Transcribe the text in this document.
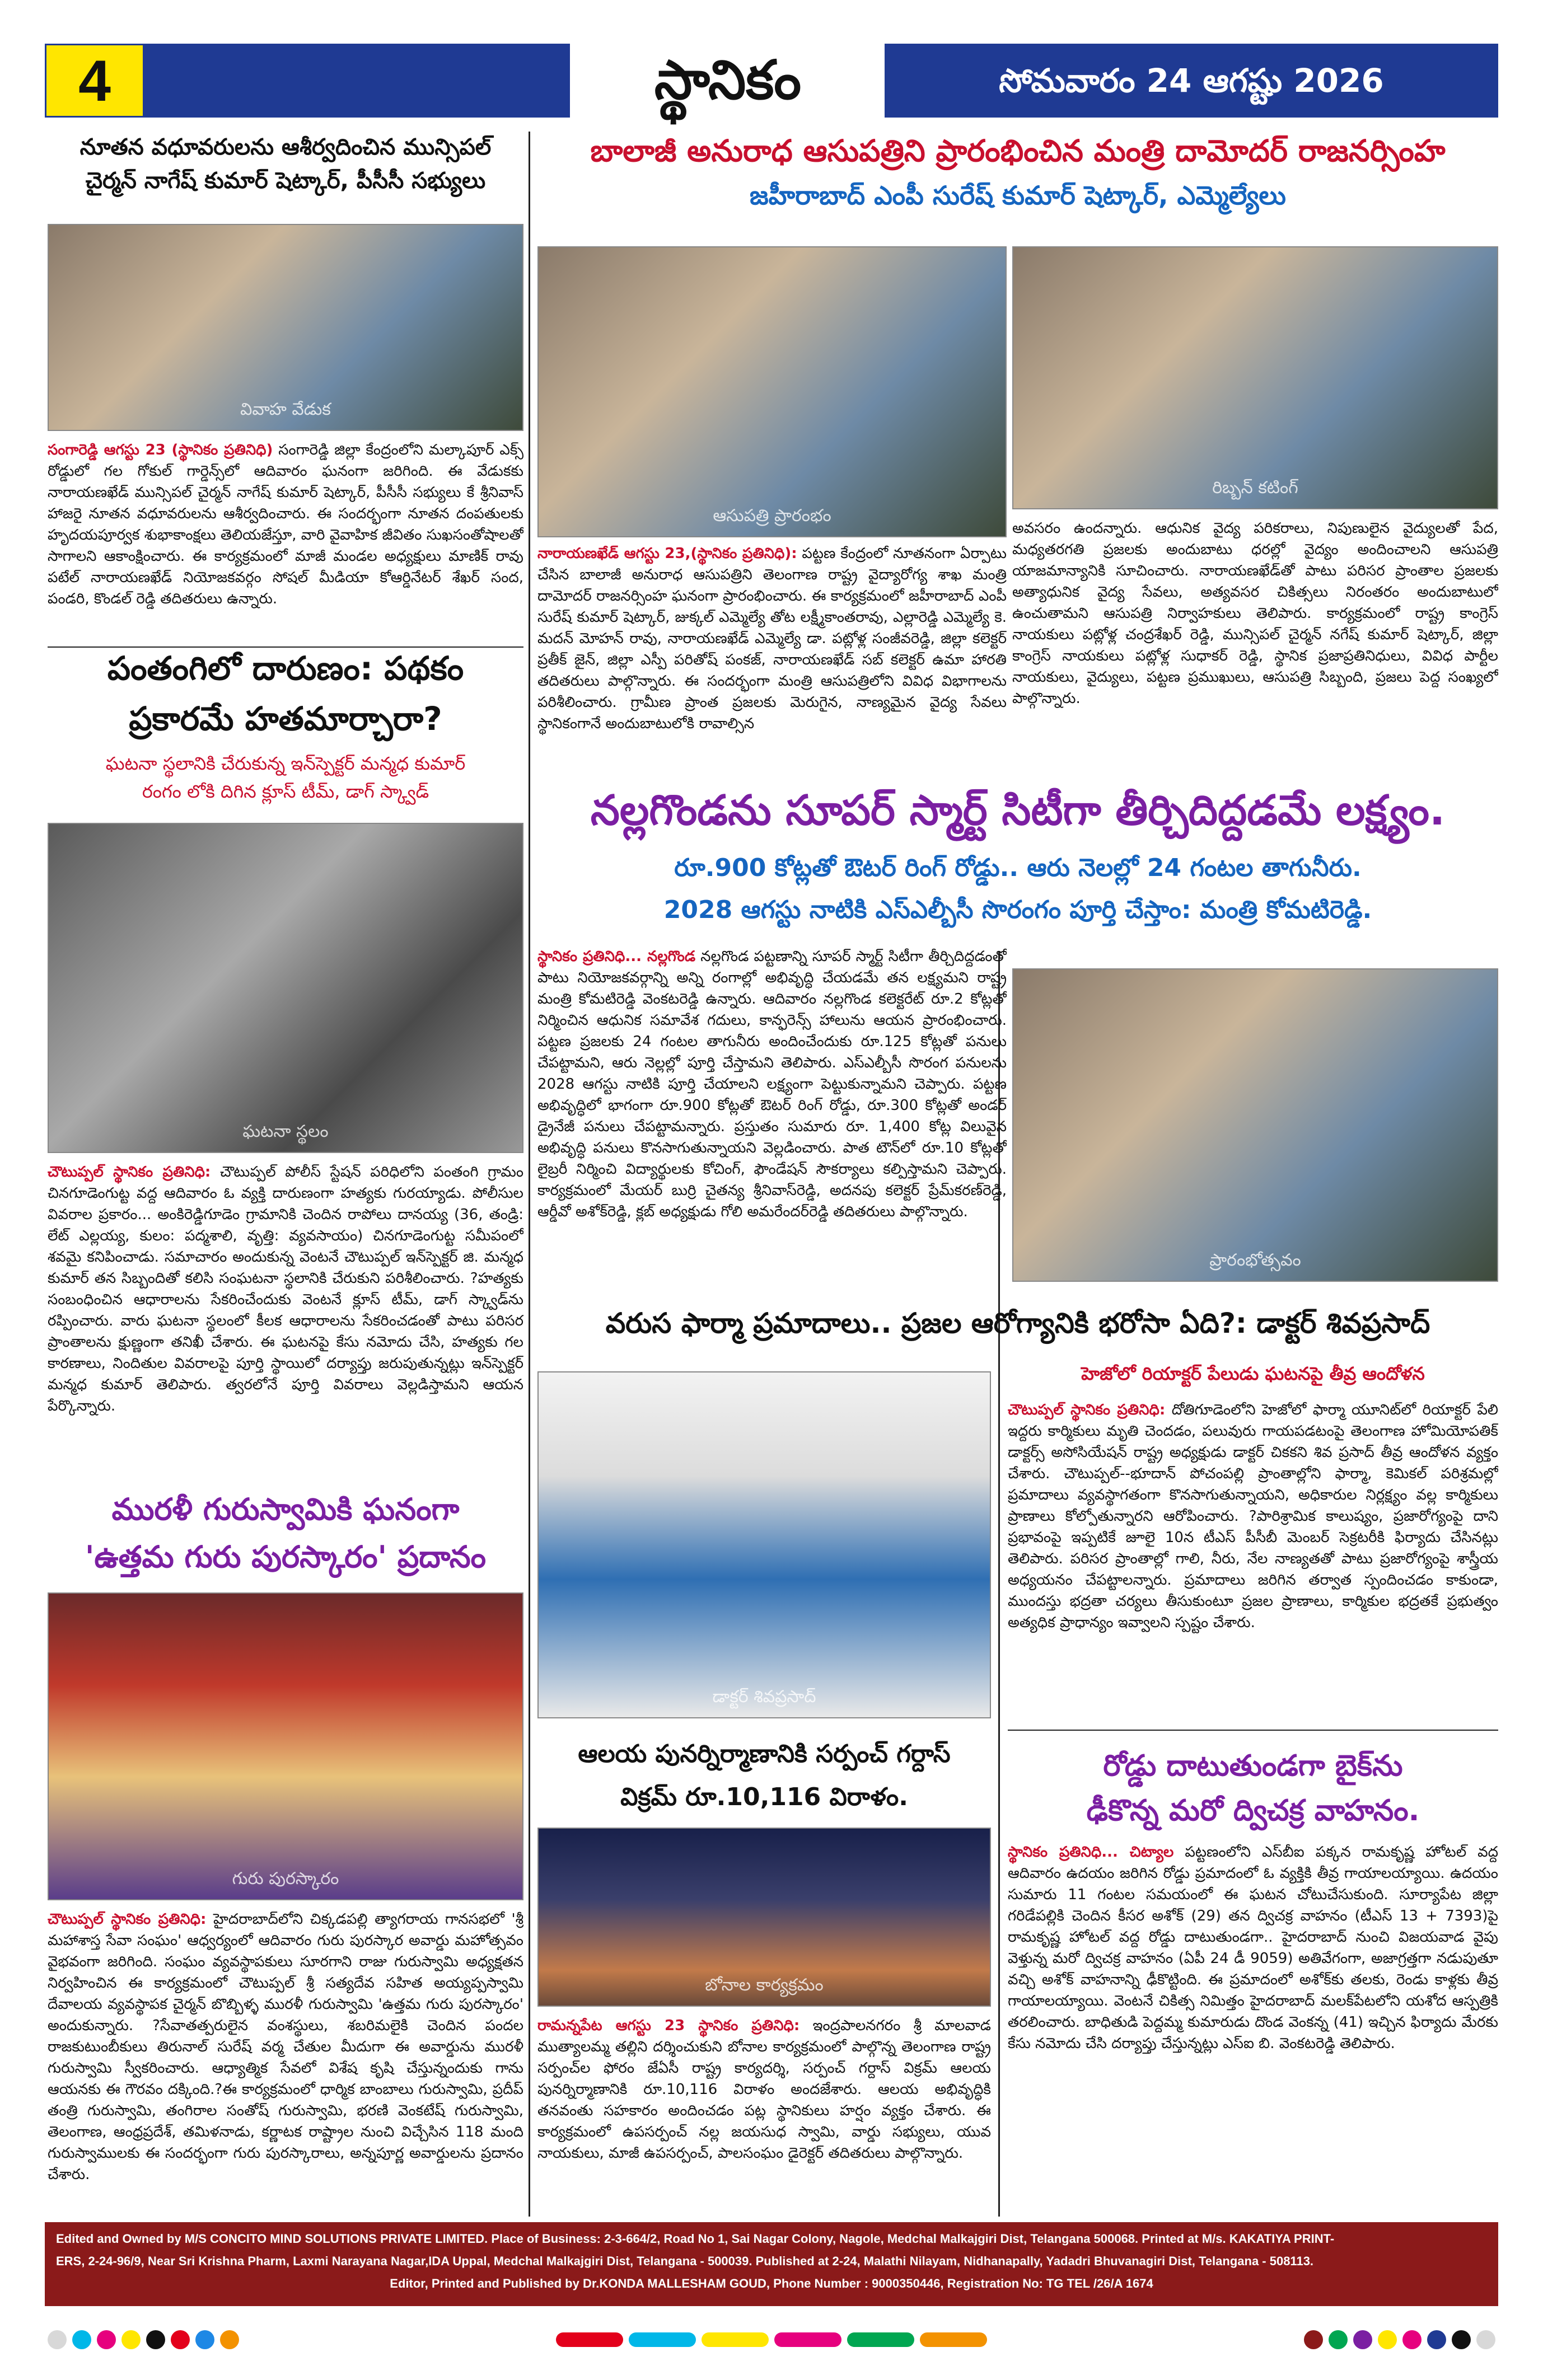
4	స్థానికం	సోమవారం 24 ఆగష్టు 2026
నూతన వధూవరులను ఆశీర్వదించిన మున్సిపల్
చైర్మన్ నాగేష్ కుమార్ షెట్కార్, పీసీసీ సభ్యులు
వివాహ వేడుక
సంగారెడ్డి ఆగస్టు 23 (స్థానికం ప్రతినిధి) సంగారెడ్డి జిల్లా కేంద్రంలోని మల్కాపూర్ ఎక్స్ రోడ్డులో గల గోకుల్ గార్డెన్స్‌లో ఆదివారం ఘనంగా జరిగింది. ఈ వేడుకకు నారాయణఖేడ్ మున్సిపల్ చైర్మన్ నాగేష్ కుమార్ షెట్కార్, పీసీసీ సభ్యులు కే శ్రీనివాస్ హాజరై నూతన వధూవరులను ఆశీర్వదించారు. ఈ సందర్భంగా నూతన దంపతులకు హృదయపూర్వక శుభాకాంక్షలు తెలియజేస్తూ, వారి వైవాహిక జీవితం సుఖసంతోషాలతో సాగాలని ఆకాంక్షించారు. ఈ కార్యక్రమంలో మాజీ మండల అధ్యక్షులు మాణిక్ రావు పటేల్ నారాయణఖేడ్ నియోజకవర్గం సోషల్ మీడియా కోఆర్డినేటర్ శేఖర్ సంద, పండరి, కొండల్ రెడ్డి తదితరులు ఉన్నారు.
పంతంగిలో దారుణం: పథకం
ప్రకారమే హతమార్చారా?
ఘటనా స్థలానికి చేరుకున్న ఇన్‌స్పెక్టర్ మన్మధ కుమార్
రంగం లోకి దిగిన క్లూస్ టీమ్, డాగ్ స్క్వాడ్
ఘటనా స్థలం
చౌటుప్పల్ స్థానికం ప్రతినిధి: చౌటుప్పల్ పోలీస్ స్టేషన్ పరిధిలోని పంతంగి గ్రామం చినగూడెంగుట్ట వద్ద ఆదివారం ఓ వ్యక్తి దారుణంగా హత్యకు గురయ్యాడు. పోలీసుల వివరాల ప్రకారం... అంకిరెడ్డిగూడెం గ్రామానికి చెందిన రాపోలు దానయ్య (36, తండ్రి: లేట్ ఎల్లయ్య, కులం: పద్మశాలి, వృత్తి: వ్యవసాయం) చినగూడెంగుట్ట సమీపంలో శవమై కనిపించాడు. సమాచారం అందుకున్న వెంటనే చౌటుప్పల్ ఇన్‌స్పెక్టర్ జి. మన్మధ కుమార్ తన సిబ్బందితో కలిసి సంఘటనా స్థలానికి చేరుకుని పరిశీలించారు. ?హత్యకు సంబంధించిన ఆధారాలను సేకరించేందుకు వెంటనే క్లూస్ టీమ్, డాగ్ స్క్వాడ్‌ను రప్పించారు. వారు ఘటనా స్థలంలో కీలక ఆధారాలను సేకరించడంతో పాటు పరిసర ప్రాంతాలను క్షుణ్ణంగా తనిఖీ చేశారు. ఈ ఘటనపై కేసు నమోదు చేసి, హత్యకు గల కారణాలు, నిందితుల వివరాలపై పూర్తి స్థాయిలో దర్యాప్తు జరుపుతున్నట్లు ఇన్‌స్పెక్టర్ మన్మధ కుమార్ తెలిపారు. త్వరలోనే పూర్తి వివరాలు వెల్లడిస్తామని ఆయన పేర్కొన్నారు.
మురళీ గురుస్వామికి ఘనంగా
'ఉత్తమ గురు పురస్కారం' ప్రదానం
గురు పురస్కారం
చౌటుప్పల్ స్థానికం ప్రతినిధి: హైదరాబాద్‌లోని చిక్కడపల్లి త్యాగరాయ గానసభలో 'శ్రీ మహాశాస్త సేవా సంఘం' ఆధ్వర్యంలో ఆదివారం గురు పురస్కార అవార్డు మహోత్సవం వైభవంగా జరిగింది. సంఘం వ్యవస్థాపకులు సూరగాని రాజు గురుస్వామి అధ్యక్షతన నిర్వహించిన ఈ కార్యక్రమంలో చౌటుప్పల్ శ్రీ సత్యదేవ సహిత అయ్యప్పస్వామి దేవాలయ వ్యవస్థాపక చైర్మన్ బొబ్బిళ్ళ మురళీ గురుస్వామి 'ఉత్తమ గురు పురస్కారం' అందుకున్నారు. ?సేవాతత్పరులైన వంశస్థులు, శబరిమలైకి చెందిన పందల రాజకుటుంబీకులు తిరునాల్ సురేష్ వర్మ చేతుల మీదుగా ఈ అవార్డును మురళీ గురుస్వామి స్వీకరించారు. ఆధ్యాత్మిక సేవలో విశేష కృషి చేస్తున్నందుకు గాను ఆయనకు ఈ గౌరవం దక్కింది.?ఈ కార్యక్రమంలో ధార్మిక బాంబాలు గురుస్వామి, ప్రదీప్ తంత్రి గురుస్వామి, తంగిరాల సంతోష్ గురుస్వామి, భరణి వెంకటేష్ గురుస్వామి, తెలంగాణ, ఆంధ్రప్రదేశ్, తమిళనాడు, కర్ణాటక రాష్ట్రాల నుంచి విచ్చేసిన 118 మంది గురుస్వాములకు ఈ సందర్భంగా గురు పురస్కారాలు, అన్నపూర్ణ అవార్డులను ప్రదానం చేశారు.
బాలాజీ అనురాధ ఆసుపత్రిని ప్రారంభించిన మంత్రి దామోదర్ రాజనర్సింహ
జహీరాబాద్ ఎంపీ సురేష్ కుమార్ షెట్కార్, ఎమ్మెల్యేలు
ఆసుపత్రి ప్రారంభం
రిబ్బన్ కటింగ్
నారాయణఖేడ్ ఆగస్టు 23,(స్థానికం ప్రతినిధి): పట్టణ కేంద్రంలో నూతనంగా ఏర్పాటు చేసిన బాలాజీ అనురాధ ఆసుపత్రిని తెలంగాణ రాష్ట్ర వైద్యారోగ్య శాఖ మంత్రి దామోదర్ రాజనర్సింహ ఘనంగా ప్రారంభించారు. ఈ కార్యక్రమంలో జహీరాబాద్ ఎంపీ సురేష్ కుమార్ షెట్కార్, జుక్కల్ ఎమ్మెల్యే తోట లక్ష్మీకాంతరావు, ఎల్లారెడ్డి ఎమ్మెల్యే కె. మదన్ మోహన్ రావు, నారాయణఖేడ్ ఎమ్మెల్యే డా. పట్లోళ్ల సంజీవరెడ్డి, జిల్లా కలెక్టర్ ప్రతీక్ జైన్, జిల్లా ఎస్పీ పరితోష్ పంకజ్, నారాయణఖేడ్ సబ్ కలెక్టర్ ఉమా హారతి తదితరులు పాల్గొన్నారు. ఈ సందర్భంగా మంత్రి ఆసుపత్రిలోని వివిధ విభాగాలను పరిశీలించారు. గ్రామీణ ప్రాంత ప్రజలకు మెరుగైన, నాణ్యమైన వైద్య సేవలు స్థానికంగానే అందుబాటులోకి రావాల్సిన
అవసరం ఉందన్నారు. ఆధునిక వైద్య పరికరాలు, నిపుణులైన వైద్యులతో పేద, మధ్యతరగతి ప్రజలకు అందుబాటు ధరల్లో వైద్యం అందించాలని ఆసుపత్రి యాజమాన్యానికి సూచించారు. నారాయణఖేడ్‌తో పాటు పరిసర ప్రాంతాల ప్రజలకు అత్యాధునిక వైద్య సేవలు, అత్యవసర చికిత్సలు నిరంతరం అందుబాటులో ఉంచుతామని ఆసుపత్రి నిర్వాహకులు తెలిపారు. కార్యక్రమంలో రాష్ట్ర కాంగ్రెస్ నాయకులు పట్లోళ్ల చంద్రశేఖర్ రెడ్డి, మున్సిపల్ చైర్మన్ నగేష్ కుమార్ షెట్కార్, జిల్లా కాంగ్రెస్ నాయకులు పట్లోళ్ల సుధాకర్ రెడ్డి, స్థానిక ప్రజాప్రతినిధులు, వివిధ పార్టీల నాయకులు, వైద్యులు, పట్టణ ప్రముఖులు, ఆసుపత్రి సిబ్బంది, ప్రజలు పెద్ద సంఖ్యలో పాల్గొన్నారు.
నల్లగొండను సూపర్ స్మార్ట్ సిటీగా తీర్చిదిద్దడమే లక్ష్యం.
రూ.900 కోట్లతో ఔటర్ రింగ్ రోడ్డు.. ఆరు నెలల్లో 24 గంటల తాగునీరు.
2028 ఆగస్టు నాటికి ఎస్ఎల్బీసీ సొరంగం పూర్తి చేస్తాం: మంత్రి కోమటిరెడ్డి.
స్థానికం ప్రతినిధి... నల్లగొండ నల్లగొండ పట్టణాన్ని సూపర్ స్మార్ట్ సిటీగా తీర్చిదిద్దడంతో పాటు నియోజకవర్గాన్ని అన్ని రంగాల్లో అభివృద్ధి చేయడమే తన లక్ష్యమని రాష్ట్ర మంత్రి కోమటిరెడ్డి వెంకటరెడ్డి ఉన్నారు. ఆదివారం నల్లగొండ కలెక్టరేట్ రూ.2 కోట్లతో నిర్మించిన ఆధునిక సమావేశ గదులు, కాన్ఫరెన్స్ హాలును ఆయన ప్రారంభించారు. పట్టణ ప్రజలకు 24 గంటల తాగునీరు అందించేందుకు రూ.125 కోట్లతో పనులు చేపట్టామని, ఆరు నెల్లల్లో పూర్తి చేస్తామని తెలిపారు. ఎస్ఎల్బీసీ సొరంగ పనులను 2028 ఆగస్టు నాటికి పూర్తి చేయాలని లక్ష్యంగా పెట్టుకున్నామని చెప్పారు. పట్టణ అభివృద్ధిలో భాగంగా రూ.900 కోట్లతో ఔటర్ రింగ్ రోడ్డు, రూ.300 కోట్లతో అండర్ డ్రైనేజీ పనులు చేపట్టామన్నారు. ప్రస్తుతం సుమారు రూ. 1,400 కోట్ల విలువైన అభివృద్ధి పనులు కొనసాగుతున్నాయని వెల్లడించారు. పాత టౌన్‌లో రూ.10 కోట్లతో లైబ్రరీ నిర్మించి విద్యార్థులకు కోచింగ్, ఫౌండేషన్ సౌకర్యాలు కల్పిస్తామని చెప్పారు. కార్యక్రమంలో మేయర్ బుర్రి చైతన్య శ్రీనివాస్‌రెడ్డి, అదనపు కలెక్టర్ ప్రేమ్‌కరణ్‌రెడ్డి, ఆర్డీవో అశోక్‌రెడ్డి, క్లబ్ అధ్యక్షుడు గోలి అమరేందర్‌రెడ్డి తదితరులు పాల్గొన్నారు.
ప్రారంభోత్సవం
వరుస ఫార్మా ప్రమాదాలు.. ప్రజల ఆరోగ్యానికి భరోసా ఏది?: డాక్టర్ శివప్రసాద్
డాక్టర్ శివప్రసాద్
హెజోలో రియాక్టర్ పేలుడు ఘటనపై తీవ్ర ఆందోళన
చౌటుప్పల్ స్థానికం ప్రతినిధి: దోతిగూడెంలోని హెజోలో ఫార్మా యూనిట్‌లో రియాక్టర్ పేలి ఇద్దరు కార్మికులు మృతి చెందడం, పలువురు గాయపడటంపై తెలంగాణ హోమియోపతిక్ డాక్టర్స్ అసోసియేషన్ రాష్ట్ర అధ్యక్షుడు డాక్టర్ చికకని శివ ప్రసాద్ తీవ్ర ఆందోళన వ్యక్తం చేశారు. చౌటుప్పల్--భూదాన్ పోచంపల్లి ప్రాంతాల్లోని ఫార్మా, కెమికల్ పరిశ్రమల్లో ప్రమాదాలు వ్యవస్థాగతంగా కొనసాగుతున్నాయని, అధికారుల నిర్లక్ష్యం వల్ల కార్మికులు ప్రాణాలు కోల్పోతున్నారని ఆరోపించారు. ?పారిశ్రామిక కాలుష్యం, ప్రజారోగ్యంపై దాని ప్రభావంపై ఇప్పటికే జూలై 10న టీఎస్ పీసీబీ మెంబర్ సెక్రటరీకి ఫిర్యాదు చేసినట్లు తెలిపారు. పరిసర ప్రాంతాల్లో గాలి, నీరు, నేల నాణ్యతతో పాటు ప్రజారోగ్యంపై శాస్త్రీయ అధ్యయనం చేపట్టాలన్నారు. ప్రమాదాలు జరిగిన తర్వాత స్పందించడం కాకుండా, ముందస్తు భద్రతా చర్యలు తీసుకుంటూ ప్రజల ప్రాణాలు, కార్మికుల భద్రతకే ప్రభుత్వం అత్యధిక ప్రాధాన్యం ఇవ్వాలని స్పష్టం చేశారు.
ఆలయ పునర్నిర్మాణానికి సర్పంచ్ గర్దాస్
విక్రమ్ రూ.10,116 విరాళం.
బోనాల కార్యక్రమం
రామన్నపేట ఆగస్టు 23 స్థానికం ప్రతినిధి: ఇంద్రపాలనగరం శ్రీ మాలవాడ ముత్యాలమ్మ తల్లిని దర్శించుకుని బోనాల కార్యక్రమంలో పాల్గొన్న తెలంగాణ రాష్ట్ర సర్పంచ్‌ల ఫోరం జేఏసీ రాష్ట్ర కార్యదర్శి, సర్పంచ్ గర్దాస్ విక్రమ్ ఆలయ పునర్నిర్మాణానికి రూ.10,116 విరాళం అందజేశారు. ఆలయ అభివృద్ధికి తనవంతు సహకారం అందించడం పట్ల స్థానికులు హర్షం వ్యక్తం చేశారు. ఈ కార్యక్రమంలో ఉపసర్పంచ్ నల్ల జయసుధ స్వామి, వార్డు సభ్యులు, యువ నాయకులు, మాజీ ఉపసర్పంచ్, పాలసంఘం డైరెక్టర్ తదితరులు పాల్గొన్నారు.
రోడ్డు దాటుతుండగా బైక్‌ను
ఢీకొన్న మరో ద్విచక్ర వాహనం.
స్థానికం ప్రతినిధి... చిట్యాల పట్టణంలోని ఎస్‌బీఐ పక్కన రామకృష్ణ హోటల్ వద్ద ఆదివారం ఉదయం జరిగిన రోడ్డు ప్రమాదంలో ఓ వ్యక్తికి తీవ్ర గాయాలయ్యాయి. ఉదయం సుమారు 11 గంటల సమయంలో ఈ ఘటన చోటుచేసుకుంది. సూర్యాపేట జిల్లా గరిడేపల్లికి చెందిన కీసర అశోక్ (29) తన ద్విచక్ర వాహనం (టీఎస్ 13 + 7393)పై రామకృష్ణ హోటల్ వద్ద రోడ్డు దాటుతుండగా.. హైదరాబాద్ నుంచి విజయవాడ వైపు వెళ్తున్న మరో ద్విచక్ర వాహనం (ఏపీ 24 డీ 9059) అతివేగంగా, అజాగ్రత్తగా నడుపుతూ వచ్చి అశోక్ వాహనాన్ని ఢీకొట్టింది. ఈ ప్రమాదంలో అశోక్‌కు తలకు, రెండు కాళ్లకు తీవ్ర గాయాలయ్యాయి. వెంటనే చికిత్స నిమిత్తం హైదరాబాద్ మలక్‌పేటలోని యశోద ఆస్పత్రికి తరలించారు. బాధితుడి పెద్దమ్మ కుమారుడు దొండ వెంకన్న (41) ఇచ్చిన ఫిర్యాదు మేరకు కేసు నమోదు చేసి దర్యాప్తు చేస్తున్నట్లు ఎస్‌ఐ బి. వెంకటరెడ్డి తెలిపారు.
Edited and Owned by M/S CONCITO MIND SOLUTIONS PRIVATE LIMITED. Place of Business: 2-3-664/2, Road No 1, Sai Nagar Colony, Nagole, Medchal Malkajgiri Dist, Telangana 500068. Printed at M/s. KAKATIYA PRINT-
ERS, 2-24-96/9, Near Sri Krishna Pharm, Laxmi Narayana Nagar,IDA Uppal, Medchal Malkajgiri Dist, Telangana - 500039. Published at 2-24, Malathi Nilayam, Nidhanapally, Yadadri Bhuvanagiri Dist, Telangana - 508113.
Editor, Printed and Published by Dr.KONDA MALLESHAM GOUD, Phone Number : 9000350446, Registration No: TG TEL /26/A 1674
